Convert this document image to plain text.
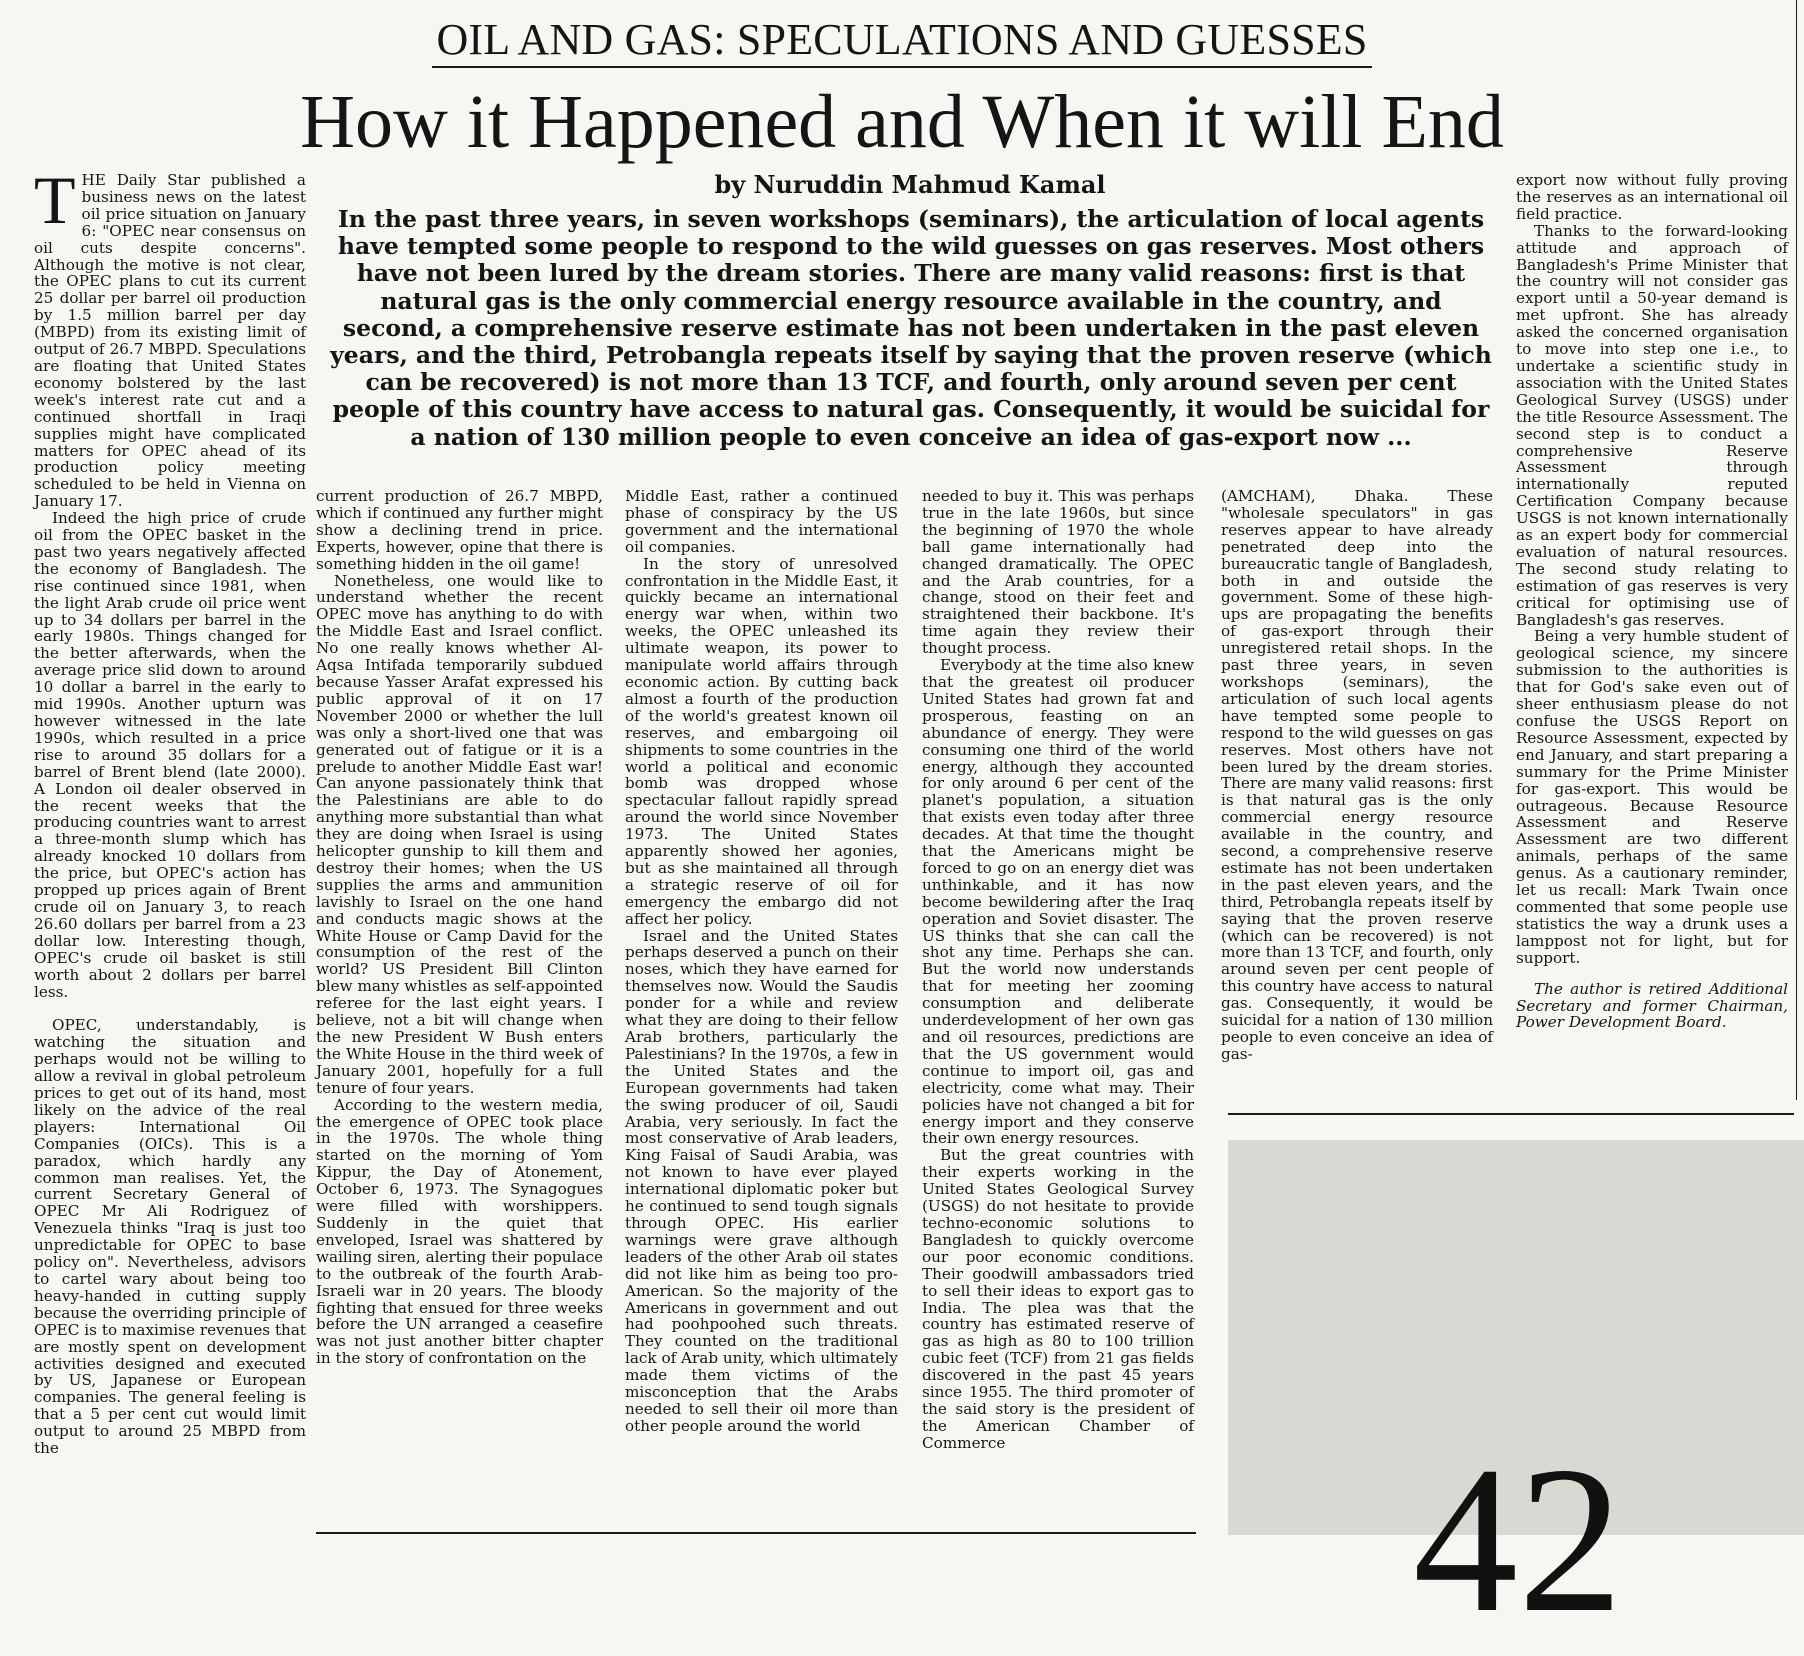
OIL AND GAS: SPECULATIONS AND GUESSES
How it Happened and When it will End
by Nuruddin Mahmud Kamal

In the past three years, in seven workshops (seminars), the articulation of local agents have tempted some people to respond to the wild guesses on gas reserves. Most others have not been lured by the dream stories. There are many valid reasons: first is that natural gas is the only commercial energy resource available in the country, and second, a comprehensive reserve estimate has not been undertaken in the past eleven years, and the third, Petrobangla repeats itself by saying that the proven reserve (which can be recovered) is not more than 13 TCF, and fourth, only around seven per cent people of this country have access to natural gas. Consequently, it would be suicidal for a nation of 130 million people to even conceive an idea of gas-export now ...

THE Daily Star published a business news on the latest oil price situation on January 6: "OPEC near consensus on oil cuts despite concerns". Although the motive is not clear, the OPEC plans to cut its current 25 dollar per barrel oil production by 1.5 million barrel per day (MBPD) from its existing limit of output of 26.7 MBPD. Speculations are floating that United States economy bolstered by the last week's interest rate cut and a continued shortfall in Iraqi supplies might have complicated matters for OPEC ahead of its production policy meeting scheduled to be held in Vienna on January 17.

Indeed the high price of crude oil from the OPEC basket in the past two years negatively affected the economy of Bangladesh. The rise continued since 1981, when the light Arab crude oil price went up to 34 dollars per barrel in the early 1980s. Things changed for the better afterwards, when the average price slid down to around 10 dollar a barrel in the early to mid 1990s. Another upturn was however witnessed in the late 1990s, which resulted in a price rise to around 35 dollars for a barrel of Brent blend (late 2000). A London oil dealer observed in the recent weeks that the producing countries want to arrest a three-month slump which has already knocked 10 dollars from the price, but OPEC's action has propped up prices again of Brent crude oil on January 3, to reach 26.60 dollars per barrel from a 23 dollar low. Interesting though, OPEC's crude oil basket is still worth about 2 dollars per barrel less.

OPEC, understandably, is watching the situation and perhaps would not be willing to allow a revival in global petroleum prices to get out of its hand, most likely on the advice of the real players: International Oil Companies (OICs). This is a paradox, which hardly any common man realises. Yet, the current Secretary General of OPEC Mr Ali Rodriguez of Venezuela thinks "Iraq is just too unpredictable for OPEC to base policy on". Nevertheless, advisors to cartel wary about being too heavy-handed in cutting supply because the overriding principle of OPEC is to maximise revenues that are mostly spent on development activities designed and executed by US, Japanese or European companies. The general feeling is that a 5 per cent cut would limit output to around 25 MBPD from the

current production of 26.7 MBPD, which if continued any further might show a declining trend in price. Experts, however, opine that there is something hidden in the oil game!

Nonetheless, one would like to understand whether the recent OPEC move has anything to do with the Middle East and Israel conflict. No one really knows whether Al-Aqsa Intifada temporarily subdued because Yasser Arafat expressed his public approval of it on 17 November 2000 or whether the lull was only a short-lived one that was generated out of fatigue or it is a prelude to another Middle East war! Can anyone passionately think that the Palestinians are able to do anything more substantial than what they are doing when Israel is using helicopter gunship to kill them and destroy their homes; when the US supplies the arms and ammunition lavishly to Israel on the one hand and conducts magic shows at the White House or Camp David for the consumption of the rest of the world? US President Bill Clinton blew many whistles as self-appointed referee for the last eight years. I believe, not a bit will change when the new President W Bush enters the White House in the third week of January 2001, hopefully for a full tenure of four years.

According to the western media, the emergence of OPEC took place in the 1970s. The whole thing started on the morning of Yom Kippur, the Day of Atonement, October 6, 1973. The Synagogues were filled with worshippers. Suddenly in the quiet that enveloped, Israel was shattered by wailing siren, alerting their populace to the outbreak of the fourth Arab-Israeli war in 20 years. The bloody fighting that ensued for three weeks before the UN arranged a ceasefire was not just another bitter chapter in the story of confrontation on the

Middle East, rather a continued phase of conspiracy by the US government and the international oil companies.

In the story of unresolved confrontation in the Middle East, it quickly became an international energy war when, within two weeks, the OPEC unleashed its ultimate weapon, its power to manipulate world affairs through economic action. By cutting back almost a fourth of the production of the world's greatest known oil reserves, and embargoing oil shipments to some countries in the world a political and economic bomb was dropped whose spectacular fallout rapidly spread around the world since November 1973. The United States apparently showed her agonies, but as she maintained all through a strategic reserve of oil for emergency the embargo did not affect her policy.

Israel and the United States perhaps deserved a punch on their noses, which they have earned for themselves now. Would the Saudis ponder for a while and review what they are doing to their fellow Arab brothers, particularly the Palestinians? In the 1970s, a few in the United States and the European governments had taken the swing producer of oil, Saudi Arabia, very seriously. In fact the most conservative of Arab leaders, King Faisal of Saudi Arabia, was not known to have ever played international diplomatic poker but he continued to send tough signals through OPEC. His earlier warnings were grave although leaders of the other Arab oil states did not like him as being too pro-American. So the majority of the Americans in government and out had poohpoohed such threats. They counted on the traditional lack of Arab unity, which ultimately made them victims of the misconception that the Arabs needed to sell their oil more than other people around the world

needed to buy it. This was perhaps true in the late 1960s, but since the beginning of 1970 the whole ball game internationally had changed dramatically. The OPEC and the Arab countries, for a change, stood on their feet and straightened their backbone. It's time again they review their thought process.

Everybody at the time also knew that the greatest oil producer United States had grown fat and prosperous, feasting on an abundance of energy. They were consuming one third of the world energy, although they accounted for only around 6 per cent of the planet's population, a situation that exists even today after three decades. At that time the thought that the Americans might be forced to go on an energy diet was unthinkable, and it has now become bewildering after the Iraq operation and Soviet disaster. The US thinks that she can call the shot any time. Perhaps she can. But the world now understands that for meeting her zooming consumption and deliberate underdevelopment of her own gas and oil resources, predictions are that the US government would continue to import oil, gas and electricity, come what may. Their policies have not changed a bit for energy import and they conserve their own energy resources.

But the great countries with their experts working in the United States Geological Survey (USGS) do not hesitate to provide techno-economic solutions to Bangladesh to quickly overcome our poor economic conditions. Their goodwill ambassadors tried to sell their ideas to export gas to India. The plea was that the country has estimated reserve of gas as high as 80 to 100 trillion cubic feet (TCF) from 21 gas fields discovered in the past 45 years since 1955. The third promoter of the said story is the president of the American Chamber of Commerce

(AMCHAM), Dhaka. These "wholesale speculators" in gas reserves appear to have already penetrated deep into the bureaucratic tangle of Bangladesh, both in and outside the government. Some of these high-ups are propagating the benefits of gas-export through their unregistered retail shops. In the past three years, in seven workshops (seminars), the articulation of such local agents have tempted some people to respond to the wild guesses on gas reserves. Most others have not been lured by the dream stories. There are many valid reasons: first is that natural gas is the only commercial energy resource available in the country, and second, a comprehensive reserve estimate has not been undertaken in the past eleven years, and the third, Petrobangla repeats itself by saying that the proven reserve (which can be recovered) is not more than 13 TCF, and fourth, only around seven per cent people of this country have access to natural gas. Consequently, it would be suicidal for a nation of 130 million people to even conceive an idea of gas-

export now without fully proving the reserves as an international oil field practice.

Thanks to the forward-looking attitude and approach of Bangladesh's Prime Minister that the country will not consider gas export until a 50-year demand is met upfront. She has already asked the concerned organisation to move into step one i.e., to undertake a scientific study in association with the United States Geological Survey (USGS) under the title Resource Assessment. The second step is to conduct a comprehensive Reserve Assessment through internationally reputed Certification Company because USGS is not known internationally as an expert body for commercial evaluation of natural resources. The second study relating to estimation of gas reserves is very critical for optimising use of Bangladesh's gas reserves.

Being a very humble student of geological science, my sincere submission to the authorities is that for God's sake even out of sheer enthusiasm please do not confuse the USGS Report on Resource Assessment, expected by end January, and start preparing a summary for the Prime Minister for gas-export. This would be outrageous. Because Resource Assessment and Reserve Assessment are two different animals, perhaps of the same genus. As a cautionary reminder, let us recall: Mark Twain once commented that some people use statistics the way a drunk uses a lamppost not for light, but for support.

The author is retired Additional Secretary and former Chairman, Power Development Board.

42
